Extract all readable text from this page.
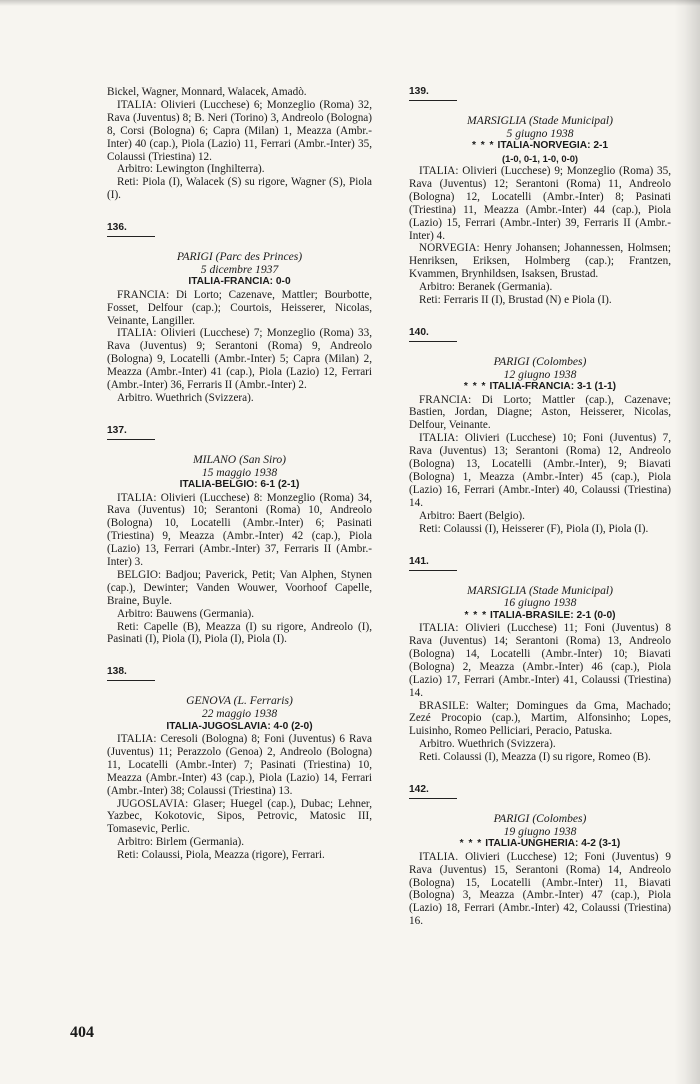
Bickel, Wagner, Monnard, Walacek, Amadò.

ITALIA: Olivieri (Lucchese) 6; Monzeglio (Roma) 32, Rava (Juventus) 8; B. Neri (Torino) 3, Andreolo (Bologna) 8, Corsi (Bologna) 6; Capra (Milan) 1, Meazza (Ambr.-Inter) 40 (cap.), Piola (Lazio) 11, Ferrari (Ambr.-Inter) 35, Colaussi (Triestina) 12.

Arbitro: Lewington (Inghilterra).

Reti: Piola (I), Walacek (S) su rigore, Wagner (S), Piola (I).

136.
PARIGI (Parc des Princes)
5 dicembre 1937
ITALIA-FRANCIA: 0-0

FRANCIA: Di Lorto; Cazenave, Mattler; Bourbotte, Fosset, Delfour (cap.); Courtois, Heisserer, Nicolas, Veinante, Langiller.

ITALIA: Olivieri (Lucchese) 7; Monzeglio (Roma) 33, Rava (Juventus) 9; Serantoni (Roma) 9, Andreolo (Bologna) 9, Locatelli (Ambr.-Inter) 5; Capra (Milan) 2, Meazza (Ambr.-Inter) 41 (cap.), Piola (Lazio) 12, Ferrari (Ambr.-Inter) 36, Ferraris II (Ambr.-Inter) 2.

Arbitro. Wuethrich (Svizzera).

137.
MILANO (San Siro)
15 maggio 1938
ITALIA-BELGIO: 6-1 (2-1)

ITALIA: Olivieri (Lucchese) 8: Monzeglio (Roma) 34, Rava (Juventus) 10; Serantoni (Roma) 10, Andreolo (Bologna) 10, Locatelli (Ambr.-Inter) 6; Pasinati (Triestina) 9, Meazza (Ambr.-Inter) 42 (cap.), Piola (Lazio) 13, Ferrari (Ambr.-Inter) 37, Ferraris II (Ambr.-Inter) 3.

BELGIO: Badjou; Paverick, Petit; Van Alphen, Stynen (cap.), Dewinter; Vanden Wouwer, Voorhoof Capelle, Braine, Buyle.

Arbitro: Bauwens (Germania).

Reti: Capelle (B), Meazza (I) su rigore, Andreolo (I), Pasinati (I), Piola (I), Piola (I), Piola (I).

138.
GENOVA (L. Ferraris)
22 maggio 1938
ITALIA-JUGOSLAVIA: 4-0 (2-0)

ITALIA: Ceresoli (Bologna) 8; Foni (Juventus) 6 Rava (Juventus) 11; Perazzolo (Genoa) 2, Andreolo (Bologna) 11, Locatelli (Ambr.-Inter) 7; Pasinati (Triestina) 10, Meazza (Ambr.-Inter) 43 (cap.), Piola (Lazio) 14, Ferrari (Ambr.-Inter) 38; Colaussi (Triestina) 13.

JUGOSLAVIA: Glaser; Huegel (cap.), Dubac; Lehner, Yazbec, Kokotovic, Sipos, Petrovic, Matosic III, Tomasevic, Perlic.

Arbitro: Birlem (Germania).

Reti: Colaussi, Piola, Meazza (rigore), Ferrari.

139.
MARSIGLIA (Stade Municipal)
5 giugno 1938
* * * ITALIA-NORVEGIA: 2-1
(1-0, 0-1, 1-0, 0-0)

ITALIA: Olivieri (Lucchese) 9; Monzeglio (Roma) 35, Rava (Juventus) 12; Serantoni (Roma) 11, Andreolo (Bologna) 12, Locatelli (Ambr.-Inter) 8; Pasinati (Triestina) 11, Meazza (Ambr.-Inter) 44 (cap.), Piola (Lazio) 15, Ferrari (Ambr.-Inter) 39, Ferraris II (Ambr.-Inter) 4.

NORVEGIA: Henry Johansen; Johannessen, Holmsen; Henriksen, Eriksen, Holmberg (cap.); Frantzen, Kvammen, Brynhildsen, Isaksen, Brustad.

Arbitro: Beranek (Germania).

Reti: Ferraris II (I), Brustad (N) e Piola (I).

140.
PARIGI (Colombes)
12 giugno 1938
* * * ITALIA-FRANCIA: 3-1 (1-1)

FRANCIA: Di Lorto; Mattler (cap.), Cazenave; Bastien, Jordan, Diagne; Aston, Heisserer, Nicolas, Delfour, Veinante.

ITALIA: Olivieri (Lucchese) 10; Foni (Juventus) 7, Rava (Juventus) 13; Serantoni (Roma) 12, Andreolo (Bologna) 13, Locatelli (Ambr.-Inter), 9; Biavati (Bologna) 1, Meazza (Ambr.-Inter) 45 (cap.), Piola (Lazio) 16, Ferrari (Ambr.-Inter) 40, Colaussi (Triestina) 14.

Arbitro: Baert (Belgio).

Reti: Colaussi (I), Heisserer (F), Piola (I), Piola (I).

141.
MARSIGLIA (Stade Municipal)
16 giugno 1938
* * * ITALIA-BRASILE: 2-1 (0-0)

ITALIA: Olivieri (Lucchese) 11; Foni (Juventus) 8 Rava (Juventus) 14; Serantoni (Roma) 13, Andreolo (Bologna) 14, Locatelli (Ambr.-Inter) 10; Biavati (Bologna) 2, Meazza (Ambr.-Inter) 46 (cap.), Piola (Lazio) 17, Ferrari (Ambr.-Inter) 41, Colaussi (Triestina) 14.

BRASILE: Walter; Domingues da Gma, Machado; Zezé Procopio (cap.), Martim, Alfonsinho; Lopes, Luisinho, Romeo Pelliciari, Peracio, Patuska.

Arbitro. Wuethrich (Svizzera).

Reti. Colaussi (I), Meazza (I) su rigore, Romeo (B).

142.
PARIGI (Colombes)
19 giugno 1938
* * * ITALIA-UNGHERIA: 4-2 (3-1)

ITALIA. Olivieri (Lucchese) 12; Foni (Juventus) 9 Rava (Juventus) 15, Serantoni (Roma) 14, Andreolo (Bologna) 15, Locatelli (Ambr.-Inter) 11, Biavati (Bologna) 3, Meazza (Ambr.-Inter) 47 (cap.), Piola (Lazio) 18, Ferrari (Ambr.-Inter) 42, Colaussi (Triestina) 16.

404
